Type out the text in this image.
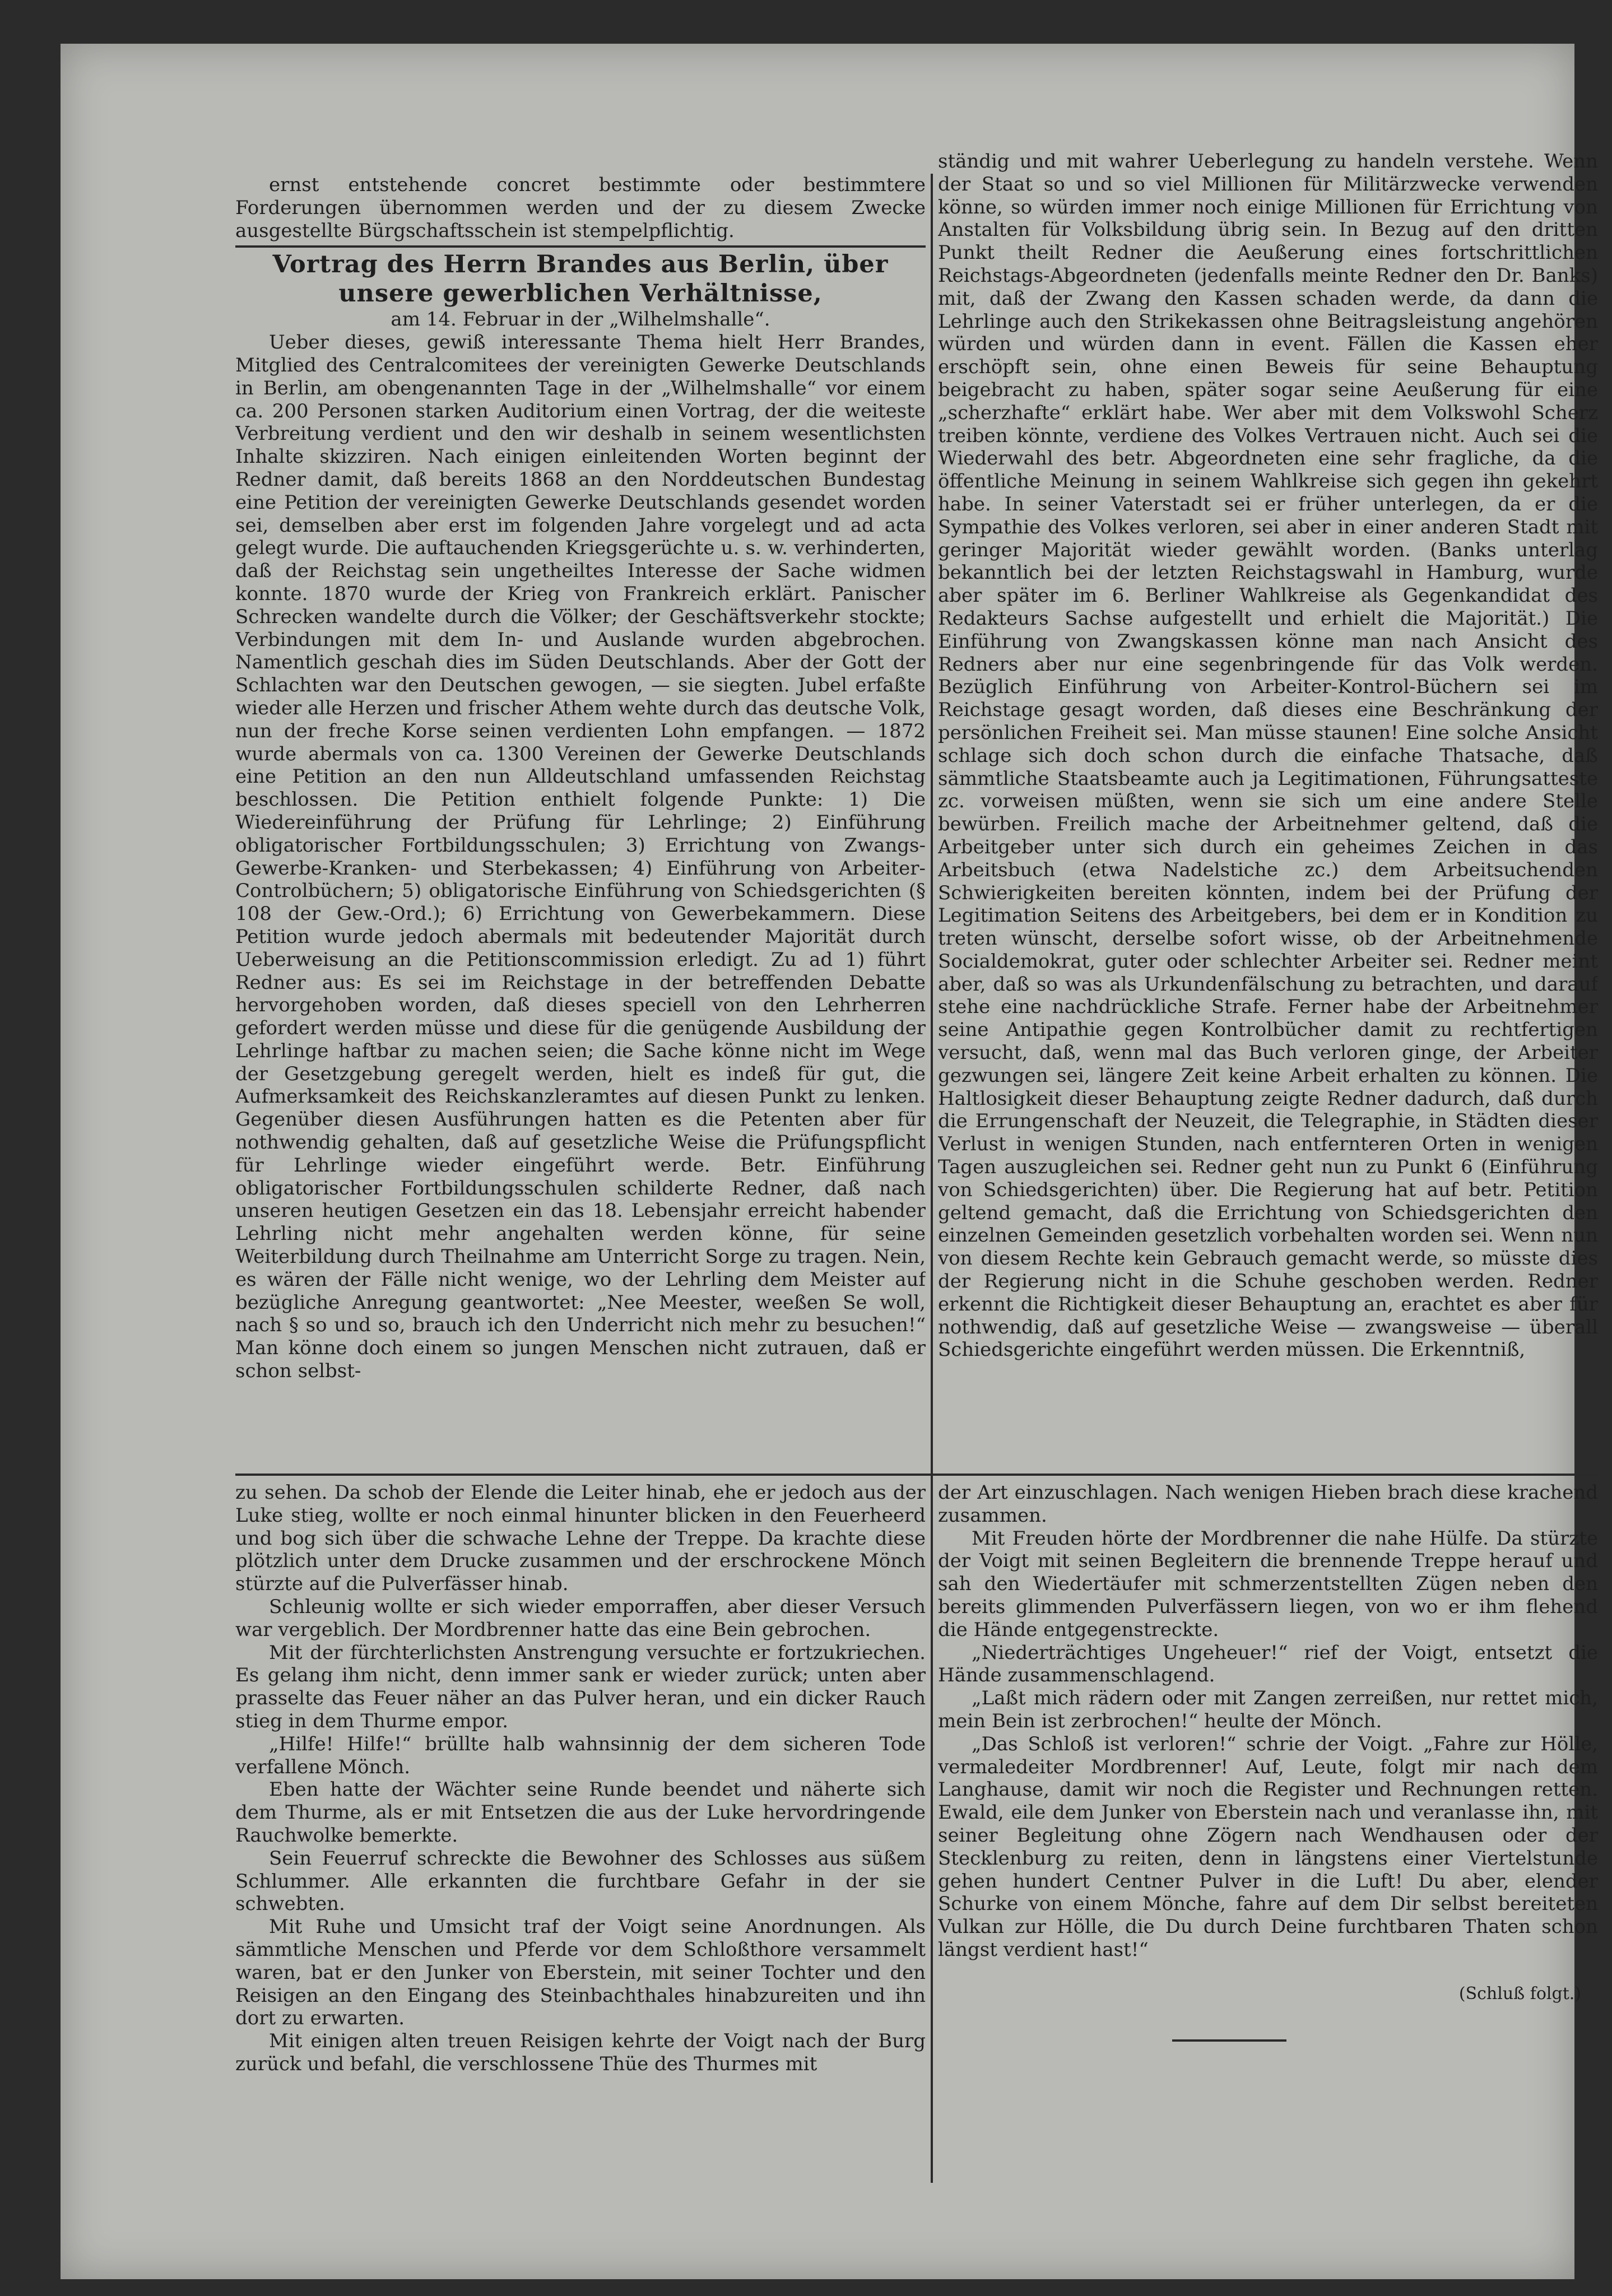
ernst entstehende concret bestimmte oder bestimmtere Forderungen übernommen werden und der zu diesem Zwecke ausgestellte Bürgschaftsschein ist stempelpflichtig.

Vortrag des Herrn Brandes aus Berlin, über unsere gewerblichen Verhältnisse,

am 14. Februar in der „Wilhelmshalle“.

Ueber dieses, gewiß interessante Thema hielt Herr Brandes, Mitglied des Centralcomitees der vereinigten Gewerke Deutschlands in Berlin, am obengenannten Tage in der „Wilhelmshalle“ vor einem ca. 200 Personen starken Auditorium einen Vortrag, der die weiteste Verbreitung verdient und den wir deshalb in seinem wesentlichsten Inhalte skizziren. Nach einigen einleitenden Worten beginnt der Redner damit, daß bereits 1868 an den Norddeutschen Bundestag eine Petition der vereinigten Gewerke Deutschlands gesendet worden sei, demselben aber erst im folgenden Jahre vorgelegt und ad acta gelegt wurde. Die auftauchenden Kriegsgerüchte u. s. w. verhinderten, daß der Reichstag sein ungetheiltes Interesse der Sache widmen konnte. 1870 wurde der Krieg von Frankreich erklärt. Panischer Schrecken wandelte durch die Völker; der Geschäftsverkehr stockte; Verbindungen mit dem In- und Auslande wurden abgebrochen. Namentlich geschah dies im Süden Deutschlands. Aber der Gott der Schlachten war den Deutschen gewogen, — sie siegten. Jubel erfaßte wieder alle Herzen und frischer Athem wehte durch das deutsche Volk, nun der freche Korse seinen verdienten Lohn empfangen. — 1872 wurde abermals von ca. 1300 Vereinen der Gewerke Deutschlands eine Petition an den nun Alldeutschland umfassenden Reichstag beschlossen. Die Petition enthielt folgende Punkte: 1) Die Wiedereinführung der Prüfung für Lehrlinge; 2) Einführung obligatorischer Fortbildungsschulen; 3) Errichtung von Zwangs-Gewerbe-Kranken- und Sterbekassen; 4) Einführung von Arbeiter-Controlbüchern; 5) obligatorische Einführung von Schiedsgerichten (§ 108 der Gew.-Ord.); 6) Errichtung von Gewerbekammern. Diese Petition wurde jedoch abermals mit bedeutender Majorität durch Ueberweisung an die Petitionscommission erledigt. Zu ad 1) führt Redner aus: Es sei im Reichstage in der betreffenden Debatte hervorgehoben worden, daß dieses speciell von den Lehrherren gefordert werden müsse und diese für die genügende Ausbildung der Lehrlinge haftbar zu machen seien; die Sache könne nicht im Wege der Gesetzgebung geregelt werden, hielt es indeß für gut, die Aufmerksamkeit des Reichskanzleramtes auf diesen Punkt zu lenken. Gegenüber diesen Ausführungen hatten es die Petenten aber für nothwendig gehalten, daß auf gesetzliche Weise die Prüfungspflicht für Lehrlinge wieder eingeführt werde. Betr. Einführung obligatorischer Fortbildungsschulen schilderte Redner, daß nach unseren heutigen Gesetzen ein das 18. Lebensjahr erreicht habender Lehrling nicht mehr angehalten werden könne, für seine Weiterbildung durch Theilnahme am Unterricht Sorge zu tragen. Nein, es wären der Fälle nicht wenige, wo der Lehrling dem Meister auf bezügliche Anregung geantwortet: „Nee Meester, weeßen Se woll, nach § so und so, brauch ich den Underricht nich mehr zu besuchen!“ Man könne doch einem so jungen Menschen nicht zutrauen, daß er schon selbst-

ständig und mit wahrer Ueberlegung zu handeln verstehe. Wenn der Staat so und so viel Millionen für Militärzwecke verwenden könne, so würden immer noch einige Millionen für Errichtung von Anstalten für Volksbildung übrig sein. In Bezug auf den dritten Punkt theilt Redner die Aeußerung eines fortschrittlichen Reichstags-Abgeordneten (jedenfalls meinte Redner den Dr. Banks) mit, daß der Zwang den Kassen schaden werde, da dann die Lehrlinge auch den Strikekassen ohne Beitragsleistung angehören würden und würden dann in event. Fällen die Kassen eher erschöpft sein, ohne einen Beweis für seine Behauptung beigebracht zu haben, später sogar seine Aeußerung für eine „scherzhafte“ erklärt habe. Wer aber mit dem Volkswohl Scherz treiben könnte, verdiene des Volkes Vertrauen nicht. Auch sei die Wiederwahl des betr. Abgeordneten eine sehr fragliche, da die öffentliche Meinung in seinem Wahlkreise sich gegen ihn gekehrt habe. In seiner Vaterstadt sei er früher unterlegen, da er die Sympathie des Volkes verloren, sei aber in einer anderen Stadt mit geringer Majorität wieder gewählt worden. (Banks unterlag bekanntlich bei der letzten Reichstagswahl in Hamburg, wurde aber später im 6. Berliner Wahlkreise als Gegenkandidat des Redakteurs Sachse aufgestellt und erhielt die Majorität.) Die Einführung von Zwangskassen könne man nach Ansicht des Redners aber nur eine segenbringende für das Volk werden. Bezüglich Einführung von Arbeiter-Kontrol-Büchern sei im Reichstage gesagt worden, daß dieses eine Beschränkung der persönlichen Freiheit sei. Man müsse staunen! Eine solche Ansicht schlage sich doch schon durch die einfache Thatsache, daß sämmtliche Staatsbeamte auch ja Legitimationen, Führungsatteste zc. vorweisen müßten, wenn sie sich um eine andere Stelle bewürben. Freilich mache der Arbeitnehmer geltend, daß die Arbeitgeber unter sich durch ein geheimes Zeichen in das Arbeitsbuch (etwa Nadelstiche zc.) dem Arbeitsuchenden Schwierigkeiten bereiten könnten, indem bei der Prüfung der Legitimation Seitens des Arbeitgebers, bei dem er in Kondition zu treten wünscht, derselbe sofort wisse, ob der Arbeitnehmende Socialdemokrat, guter oder schlechter Arbeiter sei. Redner meint aber, daß so was als Urkundenfälschung zu betrachten, und darauf stehe eine nachdrückliche Strafe. Ferner habe der Arbeitnehmer seine Antipathie gegen Kontrolbücher damit zu rechtfertigen versucht, daß, wenn mal das Buch verloren ginge, der Arbeiter gezwungen sei, längere Zeit keine Arbeit erhalten zu können. Die Haltlosigkeit dieser Behauptung zeigte Redner dadurch, daß durch die Errungenschaft der Neuzeit, die Telegraphie, in Städten dieser Verlust in wenigen Stunden, nach entfernteren Orten in wenigen Tagen auszugleichen sei. Redner geht nun zu Punkt 6 (Einführung von Schiedsgerichten) über. Die Regierung hat auf betr. Petition geltend gemacht, daß die Errichtung von Schiedsgerichten den einzelnen Gemeinden gesetzlich vorbehalten worden sei. Wenn nun von diesem Rechte kein Gebrauch gemacht werde, so müsste dies der Regierung nicht in die Schuhe geschoben werden. Redner erkennt die Richtigkeit dieser Behauptung an, erachtet es aber für nothwendig, daß auf gesetzliche Weise — zwangsweise — überall Schiedsgerichte eingeführt werden müssen. Die Erkenntniß,

zu sehen. Da schob der Elende die Leiter hinab, ehe er jedoch aus der Luke stieg, wollte er noch einmal hinunter blicken in den Feuerheerd und bog sich über die schwache Lehne der Treppe. Da krachte diese plötzlich unter dem Drucke zusammen und der erschrockene Mönch stürzte auf die Pulverfässer hinab.

Schleunig wollte er sich wieder emporraffen, aber dieser Versuch war vergeblich. Der Mordbrenner hatte das eine Bein gebrochen.

Mit der fürchterlichsten Anstrengung versuchte er fortzukriechen. Es gelang ihm nicht, denn immer sank er wieder zurück; unten aber prasselte das Feuer näher an das Pulver heran, und ein dicker Rauch stieg in dem Thurme empor.

„Hilfe! Hilfe!“ brüllte halb wahnsinnig der dem sicheren Tode verfallene Mönch.

Eben hatte der Wächter seine Runde beendet und näherte sich dem Thurme, als er mit Entsetzen die aus der Luke hervordringende Rauchwolke bemerkte.

Sein Feuerruf schreckte die Bewohner des Schlosses aus süßem Schlummer. Alle erkannten die furchtbare Gefahr in der sie schwebten.

Mit Ruhe und Umsicht traf der Voigt seine Anordnungen. Als sämmtliche Menschen und Pferde vor dem Schloßthore versammelt waren, bat er den Junker von Eberstein, mit seiner Tochter und den Reisigen an den Eingang des Steinbachthales hinabzureiten und ihn dort zu erwarten.

Mit einigen alten treuen Reisigen kehrte der Voigt nach der Burg zurück und befahl, die verschlossene Thüe des Thurmes mit

der Art einzuschlagen. Nach wenigen Hieben brach diese krachend zusammen.

Mit Freuden hörte der Mordbrenner die nahe Hülfe. Da stürzte der Voigt mit seinen Begleitern die brennende Treppe herauf und sah den Wiedertäufer mit schmerzentstellten Zügen neben den bereits glimmenden Pulverfässern liegen, von wo er ihm flehend die Hände entgegenstreckte.

„Niederträchtiges Ungeheuer!“ rief der Voigt, entsetzt die Hände zusammenschlagend.

„Laßt mich rädern oder mit Zangen zerreißen, nur rettet mich, mein Bein ist zerbrochen!“ heulte der Mönch.

„Das Schloß ist verloren!“ schrie der Voigt. „Fahre zur Hölle, vermaledeiter Mordbrenner! Auf, Leute, folgt mir nach dem Langhause, damit wir noch die Register und Rechnungen retten. Ewald, eile dem Junker von Eberstein nach und veranlasse ihn, mit seiner Begleitung ohne Zögern nach Wendhausen oder der Stecklenburg zu reiten, denn in längstens einer Viertelstunde gehen hundert Centner Pulver in die Luft! Du aber, elender Schurke von einem Mönche, fahre auf dem Dir selbst bereiteten Vulkan zur Hölle, die Du durch Deine furchtbaren Thaten schon längst verdient hast!“

(Schluß folgt.)
